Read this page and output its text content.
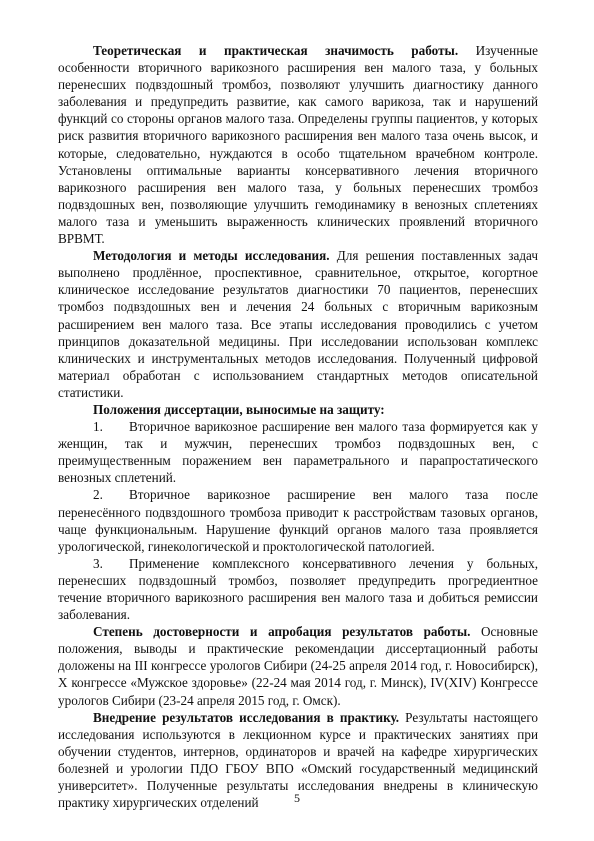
Теоретическая и практическая значимость работы. Изученные особенности вторичного варикозного расширения вен малого таза, у больных перенесших подвздошный тромбоз, позволяют улучшить диагностику данного заболевания и предупредить развитие, как самого варикоза, так и нарушений функций со стороны органов малого таза. Определены группы пациентов, у которых риск развития вторичного варикозного расширения вен малого таза очень высок, и которые, следовательно, нуждаются в особо тщательном врачебном контроле. Установлены оптимальные варианты консервативного лечения вторичного варикозного расширения вен малого таза, у больных перенесших тромбоз подвздошных вен, позволяющие улучшить гемодинамику в венозных сплетениях малого таза и уменьшить выраженность клинических проявлений вторичного ВРВМТ.

Методология и методы исследования. Для решения поставленных задач выполнено продлённое, проспективное, сравнительное, открытое, когортное клиническое исследование результатов диагностики 70 пациентов, перенесших тромбоз подвздошных вен и лечения 24 больных с вторичным варикозным расширением вен малого таза. Все этапы исследования проводились с учетом принципов доказательной медицины. При исследовании использован комплекс клинических и инструментальных методов исследования. Полученный цифровой материал обработан с использованием стандартных методов описательной статистики.

Положения диссертации, выносимые на защиту:

1. Вторичное варикозное расширение вен малого таза формируется как у женщин, так и мужчин, перенесших тромбоз подвздошных вен, с преимущественным поражением вен параметрального и парапростатического венозных сплетений.

2. Вторичное варикозное расширение вен малого таза после перенесённого подвздошного тромбоза приводит к расстройствам тазовых органов, чаще функциональным. Нарушение функций органов малого таза проявляется урологической, гинекологической и проктологической патологией.

3. Применение комплексного консервативного лечения у больных, перенесших подвздошный тромбоз, позволяет предупредить прогредиентное течение вторичного варикозного расширения вен малого таза и добиться ремиссии заболевания.

Степень достоверности и апробация результатов работы. Основные положения, выводы и практические рекомендации диссертационный работы доложены на III конгрессе урологов Сибири (24-25 апреля 2014 год, г. Новосибирск), X конгрессе «Мужское здоровье» (22-24 мая 2014 год, г. Минск), IV(XIV) Конгрессе урологов Сибири (23-24 апреля 2015 год, г. Омск).

Внедрение результатов исследования в практику. Результаты настоящего исследования используются в лекционном курсе и практических занятиях при обучении студентов, интернов, ординаторов и врачей на кафедре хирургических болезней и урологии ПДО ГБОУ ВПО «Омский государственный медицинский университет». Полученные результаты исследования внедрены в клиническую практику хирургических отделений	5
